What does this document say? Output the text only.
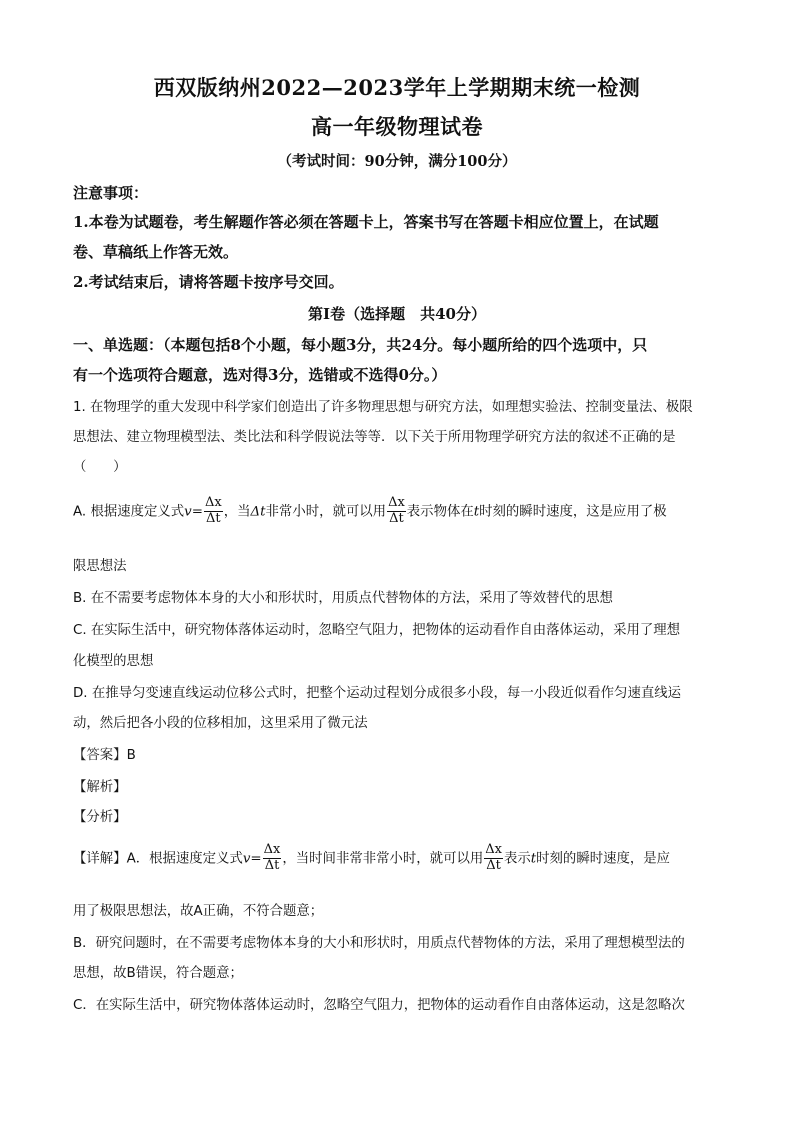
西双版纳州2022—2023学年上学期期末统一检测
高一年级物理试卷
（考试时间：90分钟，满分100分）
注意事项：
1.本卷为试题卷，考生解题作答必须在答题卡上，答案书写在答题卡相应位置上，在试题
卷、草稿纸上作答无效。
2.考试结束后，请将答题卡按序号交回。
第I卷（选择题　共40分）
一、单选题：（本题包括8个小题，每小题3分，共24分。每小题所给的四个选项中，只
有一个选项符合题意，选对得3分，选错或不选得0分。）
1. 在物理学的重大发现中科学家们创造出了许多物理思想与研究方法，如理想实验法、控制变量法、极限
思想法、建立物理模型法、类比法和科学假说法等等．以下关于所用物理学研究方法的叙述不正确的是
（　　）
A. 根据速度定义式$v= \frac{\Delta x}{\Delta t}$ ，当Δt非常小时，就可以用 $\frac{\Delta x}{\Delta t}$ 表示物体在t时刻的瞬时速度，这是应用了极
限思想法
B. 在不需要考虑物体本身的大小和形状时，用质点代替物体的方法，采用了等效替代的思想
C. 在实际生活中，研究物体落体运动时，忽略空气阻力，把物体的运动看作自由落体运动，采用了理想
化模型的思想
D. 在推导匀变速直线运动位移公式时，把整个运动过程划分成很多小段，每一小段近似看作匀速直线运
动，然后把各小段的位移相加，这里采用了微元法
【答案】B
【解析】
【分析】
【详解】A．根据速度定义式$v= \frac{\Delta x}{\Delta t}$ ，当时间非常非常小时，就可以用 $\frac{\Delta x}{\Delta t}$ 表示t时刻的瞬时速度，是应
用了极限思想法，故A正确，不符合题意；
B．研究问题时，在不需要考虑物体本身的大小和形状时，用质点代替物体的方法，采用了理想模型法的
思想，故B错误，符合题意；
C．在实际生活中，研究物体落体运动时，忽略空气阻力，把物体的运动看作自由落体运动，这是忽略次
